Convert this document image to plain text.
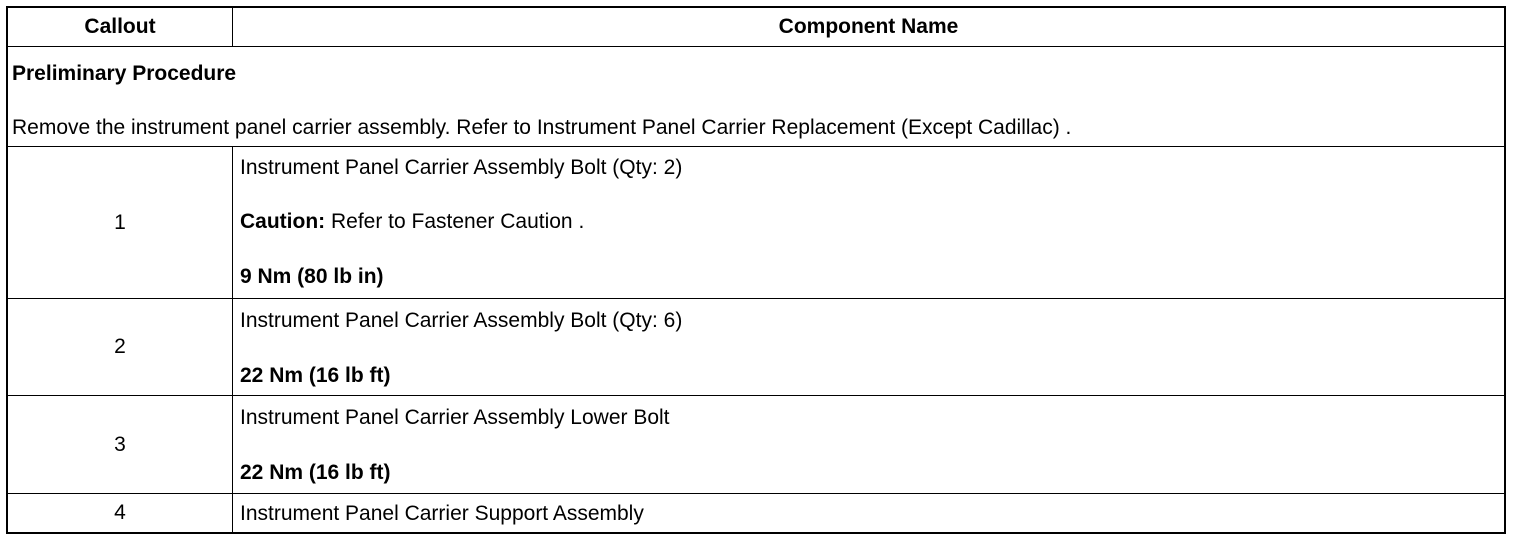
Callout	Component Name
Preliminary Procedure
Remove the instrument panel carrier assembly. Refer to Instrument Panel Carrier Replacement (Except Cadillac) .
1
Instrument Panel Carrier Assembly Bolt (Qty: 2)
Caution: Refer to Fastener Caution .
9 Nm (80 lb in)
2
Instrument Panel Carrier Assembly Bolt (Qty: 6)
22 Nm (16 lb ft)
3
Instrument Panel Carrier Assembly Lower Bolt
22 Nm (16 lb ft)
4	Instrument Panel Carrier Support Assembly
